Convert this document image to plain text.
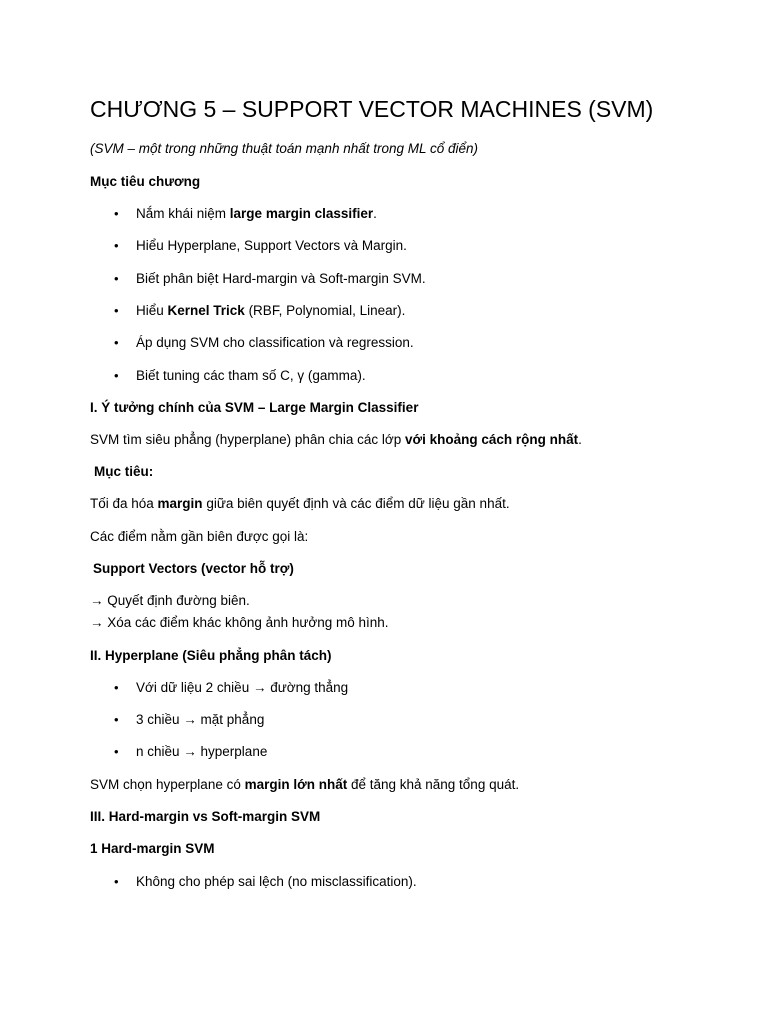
CHƯƠNG 5 – SUPPORT VECTOR MACHINES (SVM)
(SVM – một trong những thuật toán mạnh nhất trong ML cổ điển)
Mục tiêu chương
• Nắm khái niệm large margin classifier.
• Hiểu Hyperplane, Support Vectors và Margin.
• Biết phân biệt Hard-margin và Soft-margin SVM.
• Hiểu Kernel Trick (RBF, Polynomial, Linear).
• Áp dụng SVM cho classification và regression.
• Biết tuning các tham số C, γ (gamma).
I. Ý tưởng chính của SVM – Large Margin Classifier
SVM tìm siêu phẳng (hyperplane) phân chia các lớp với khoảng cách rộng nhất.
Mục tiêu:
Tối đa hóa margin giữa biên quyết định và các điểm dữ liệu gần nhất.
Các điểm nằm gần biên được gọi là:
Support Vectors (vector hỗ trợ)
→ Quyết định đường biên.
→ Xóa các điểm khác không ảnh hưởng mô hình.
II. Hyperplane (Siêu phẳng phân tách)
• Với dữ liệu 2 chiều → đường thẳng
• 3 chiều → mặt phẳng
• n chiều → hyperplane
SVM chọn hyperplane có margin lớn nhất để tăng khả năng tổng quát.
III. Hard-margin vs Soft-margin SVM
1 Hard-margin SVM
• Không cho phép sai lệch (no misclassification).
